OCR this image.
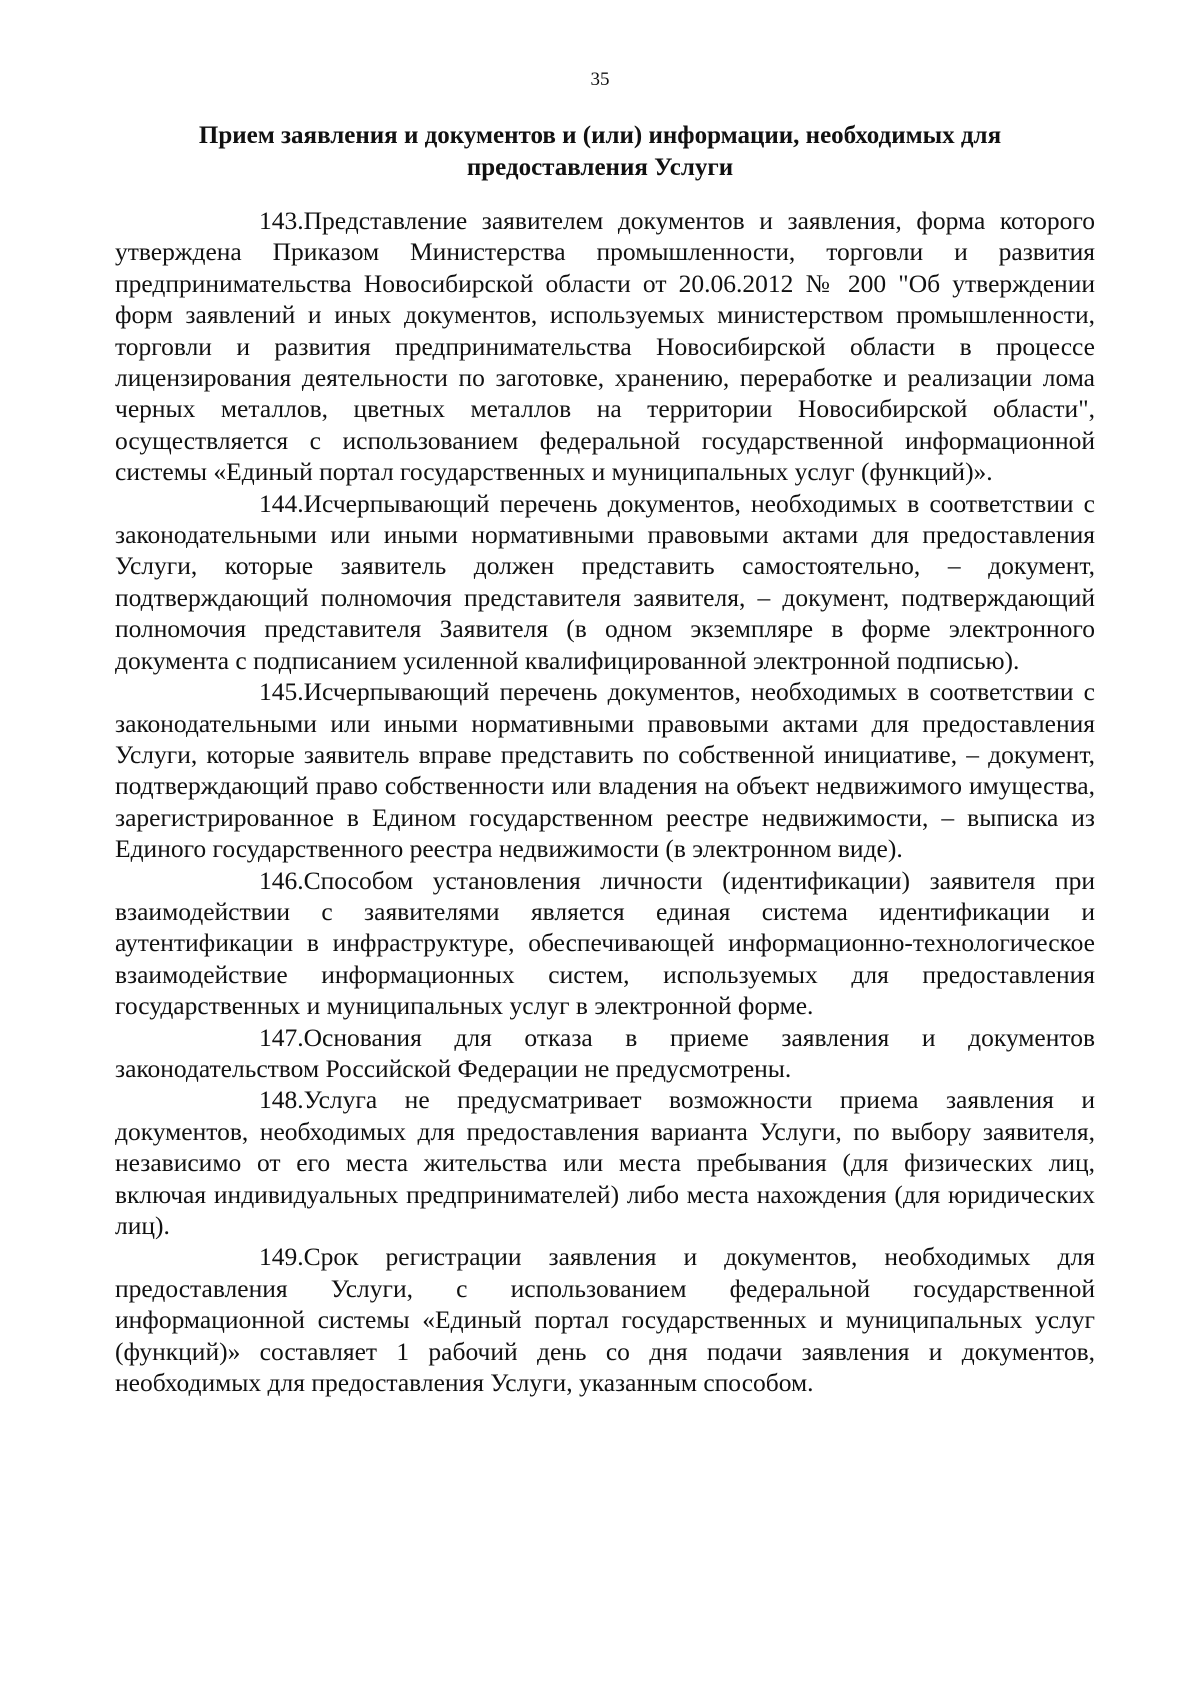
35
Прием заявления и документов и (или) информации, необходимых для предоставления Услуги

143.Представление заявителем документов и заявления, форма которого утверждена Приказом Министерства промышленности, торговли и развития предпринимательства Новосибирской области от 20.06.2012 № 200 "Об утверждении форм заявлений и иных документов, используемых министерством промышленности, торговли и развития предпринимательства Новосибирской области в процессе лицензирования деятельности по заготовке, хранению, переработке и реализации лома черных металлов, цветных металлов на территории Новосибирской области", осуществляется с использованием федеральной государственной информационной системы «Единый портал государственных и муниципальных услуг (функций)».

144.Исчерпывающий перечень документов, необходимых в соответствии с законодательными или иными нормативными правовыми актами для предоставления Услуги, которые заявитель должен представить самостоятельно, – документ, подтверждающий полномочия представителя заявителя, – документ, подтверждающий полномочия представителя Заявителя (в одном экземпляре в форме электронного документа с подписанием усиленной квалифицированной электронной подписью).

145.Исчерпывающий перечень документов, необходимых в соответствии с законодательными или иными нормативными правовыми актами для предоставления Услуги, которые заявитель вправе представить по собственной инициативе, – документ, подтверждающий право собственности или владения на объект недвижимого имущества, зарегистрированное в Едином государственном реестре недвижимости, – выписка из Единого государственного реестра недвижимости (в электронном виде).

146.Способом установления личности (идентификации) заявителя при взаимодействии с заявителями является единая система идентификации и аутентификации в инфраструктуре, обеспечивающей информационно-технологическое взаимодействие информационных систем, используемых для предоставления государственных и муниципальных услуг в электронной форме.

147.Основания для отказа в приеме заявления и документов законодательством Российской Федерации не предусмотрены.

148.Услуга не предусматривает возможности приема заявления и документов, необходимых для предоставления варианта Услуги, по выбору заявителя, независимо от его места жительства или места пребывания (для физических лиц, включая индивидуальных предпринимателей) либо места нахождения (для юридических лиц).

149.Срок регистрации заявления и документов, необходимых для предоставления Услуги, с использованием федеральной государственной информационной системы «Единый портал государственных и муниципальных услуг (функций)» составляет 1 рабочий день со дня подачи заявления и документов, необходимых для предоставления Услуги, указанным способом.
